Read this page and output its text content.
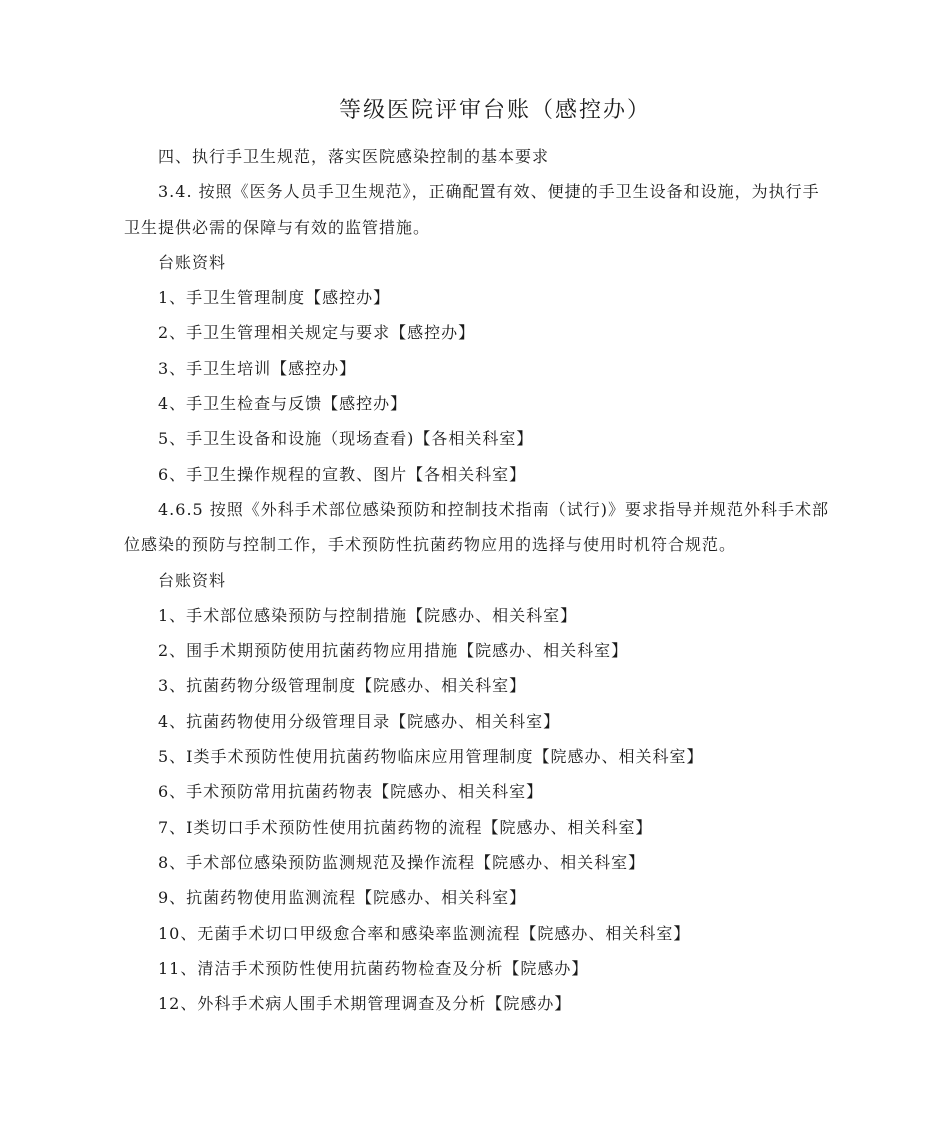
等级医院评审台账（感控办）

四、执行手卫生规范，落实医院感染控制的基本要求

3.4. 按照《医务人员手卫生规范》，正确配置有效、便捷的手卫生设备和设施，为执行手 卫生提供必需的保障与有效的监管措施。

台账资料

1、手卫生管理制度【感控办】

2、手卫生管理相关规定与要求【感控办】

3、手卫生培训【感控办】

4、手卫生检查与反馈【感控办】

5、手卫生设备和设施（现场查看)【各相关科室】

6、手卫生操作规程的宣教、图片【各相关科室】

4.6.5 按照《外科手术部位感染预防和控制技术指南（试行)》要求指导并规范外科手术部 位感染的预防与控制工作，手术预防性抗菌药物应用的选择与使用时机符合规范。

台账资料

1、手术部位感染预防与控制措施【院感办、相关科室】

2、围手术期预防使用抗菌药物应用措施【院感办、相关科室】

3、抗菌药物分级管理制度【院感办、相关科室】

4、抗菌药物使用分级管理目录【院感办、相关科室】

5、Ⅰ类手术预防性使用抗菌药物临床应用管理制度【院感办、相关科室】

6、手术预防常用抗菌药物表【院感办、相关科室】

7、Ⅰ类切口手术预防性使用抗菌药物的流程【院感办、相关科室】

8、手术部位感染预防监测规范及操作流程【院感办、相关科室】

9、抗菌药物使用监测流程【院感办、相关科室】

10、无菌手术切口甲级愈合率和感染率监测流程【院感办、相关科室】

11、清洁手术预防性使用抗菌药物检查及分析【院感办】

12、外科手术病人围手术期管理调查及分析【院感办】
